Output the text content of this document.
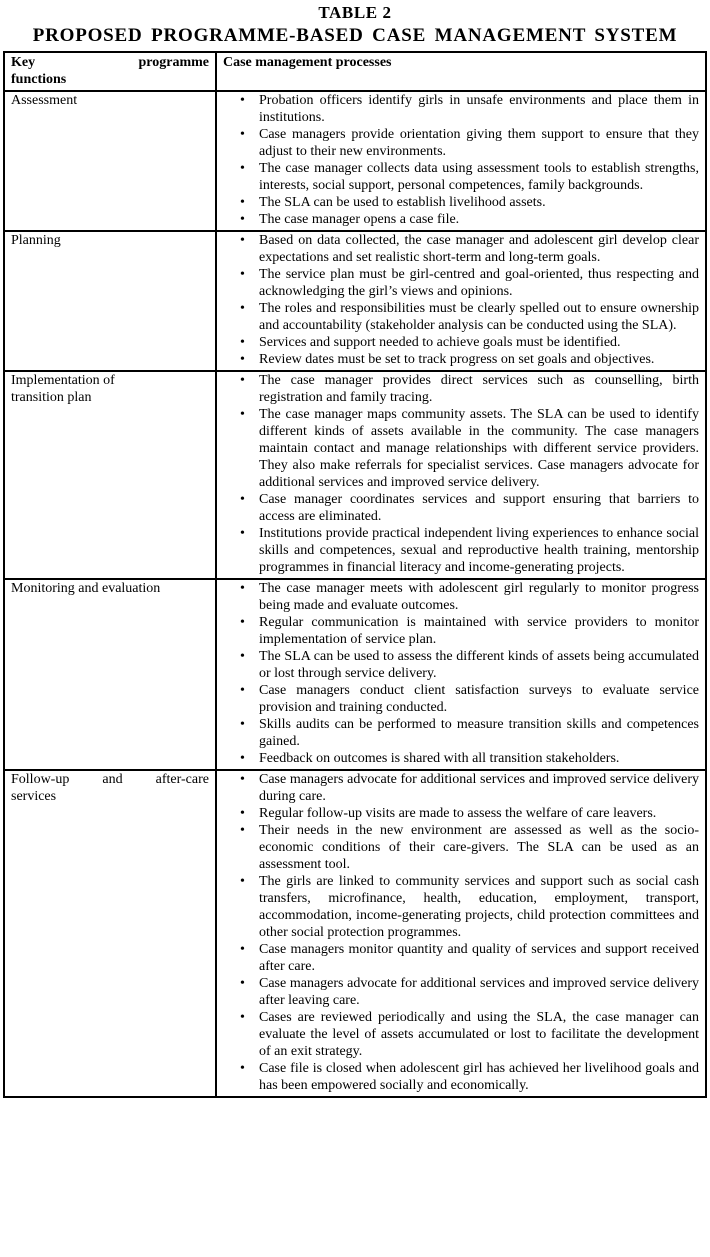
TABLE 2
PROPOSED PROGRAMME-BASED CASE MANAGEMENT SYSTEM
Key programme
functions	Case management processes

Assessment

•Probation officers identify girls in unsafe environments and place them in institutions.
• Case managers provide orientation giving them support to ensure that they adjust to their new environments.
• The case manager collects data using assessment tools to establish strengths, interests, social support, personal competences, family backgrounds.
• The SLA can be used to establish livelihood assets.
• The case manager opens a case file.

Planning

•Based on data collected, the case manager and adolescent girl develop clear expectations and set realistic short-term and long-term goals.
• The service plan must be girl-centred and goal-oriented, thus respecting and acknowledging the girl’s views and opinions.
• The roles and responsibilities must be clearly spelled out to ensure ownership and accountability (stakeholder analysis can be conducted using the SLA).
• Services and support needed to achieve goals must be identified.
• Review dates must be set to track progress on set goals and objectives.

Implementation of
transition plan

• The case manager provides direct services such as counselling, birth registration and family tracing.
• The case manager maps community assets. The SLA can be used to identify different kinds of assets available in the community. The case managers maintain contact and manage relationships with different service providers. They also make referrals for specialist services. Case managers advocate for additional services and improved service delivery.
• Case manager coordinates services and support ensuring that barriers to access are eliminated.
• Institutions provide practical independent living experiences to enhance social skills and competences, sexual and reproductive health training, mentorship programmes in financial literacy and income-generating projects.

Monitoring and evaluation

•The case manager meets with adolescent girl regularly to monitor progress being made and evaluate outcomes.
• Regular communication is maintained with service providers to monitor implementation of service plan.
• The SLA can be used to assess the different kinds of assets being accumulated or lost through service delivery.
• Case managers conduct client satisfaction surveys to evaluate service provision and training conducted.
• Skills audits can be performed to measure transition skills and competences gained.
• Feedback on outcomes is shared with all transition stakeholders.

Follow-up and after-care
services

• Case managers advocate for additional services and improved service delivery during care.
• Regular follow-up visits are made to assess the welfare of care leavers.
• Their needs in the new environment are assessed as well as the socio-economic conditions of their care-givers. The SLA can be used as an assessment tool.
• The girls are linked to community services and support such as social cash transfers, microfinance, health, education, employment, transport, accommodation, income-generating projects, child protection committees and other social protection programmes.
• Case managers monitor quantity and quality of services and support received after care.
• Case managers advocate for additional services and improved service delivery after leaving care.
• Cases are reviewed periodically and using the SLA, the case manager can evaluate the level of assets accumulated or lost to facilitate the development of an exit strategy.
• Case file is closed when adolescent girl has achieved her livelihood goals and has been empowered socially and economically.
